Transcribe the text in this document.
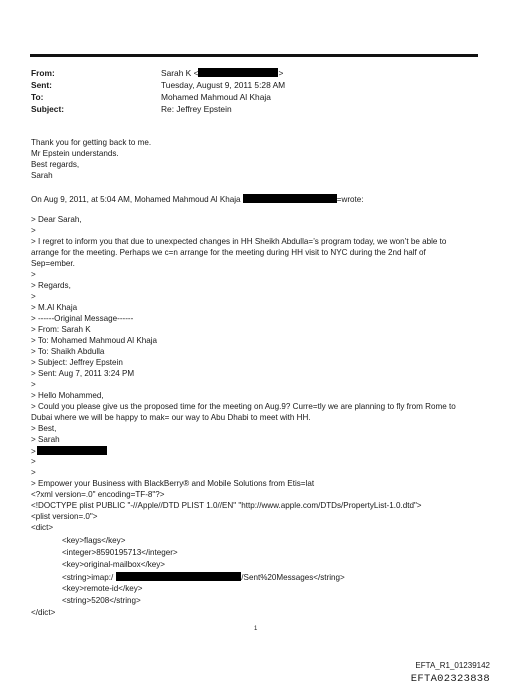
From:	Sarah K <	>
Sent:	Tuesday, August 9, 2011 5:28 AM
To:	Mohamed Mahmoud Al Khaja
Subject:	Re: Jeffrey Epstein
Thank you for getting back to me.
Mr Epstein understands.
Best regards,
Sarah
On Aug 9, 2011, at 5:04 AM, Mohamed Mahmoud Al Khaja	=wrote:
> Dear Sarah,
>
> I regret to inform you that due to unexpected changes in HH Sheikh Abdulla=’s program today, we won’t be able to
arrange for the meeting. Perhaps we c=n arrange for the meeting during HH visit to NYC during the 2nd half of
Sep=ember.
>
> Regards,
>
> M.Al Khaja
> ------Original Message------
> From: Sarah K
> To: Mohamed Mahmoud Al Khaja
> To: Shaikh Abdulla
> Subject: Jeffrey Epstein
> Sent: Aug 7, 2011 3:24 PM
>
> Hello Mohammed,
> Could you please give us the proposed time for the meeting on Aug.9? Curre=tly we are planning to fly from Rome to
Dubai where we will be happy to mak= our way to Abu Dhabi to meet with HH.
> Best,
> Sarah
>
>
>
> Empower your Business with BlackBerry® and Mobile Solutions from Etis=lat
<?xml version=.0" encoding=TF-8"?>
<!DOCTYPE plist PUBLIC "-//Apple//DTD PLIST 1.0//EN" "http://www.apple.com/DTDs/PropertyList-1.0.dtd">
<plist version=.0">
<dict>
<key>flags</key>
<integer>8590195713</integer>
<key>original-mailbox</key>
<string>imap:/	/Sent%20Messages</string>
<key>remote-id</key>
<string>5208</string>
</dict>
1
EFTA_R1_01239142
EFTA02323838
